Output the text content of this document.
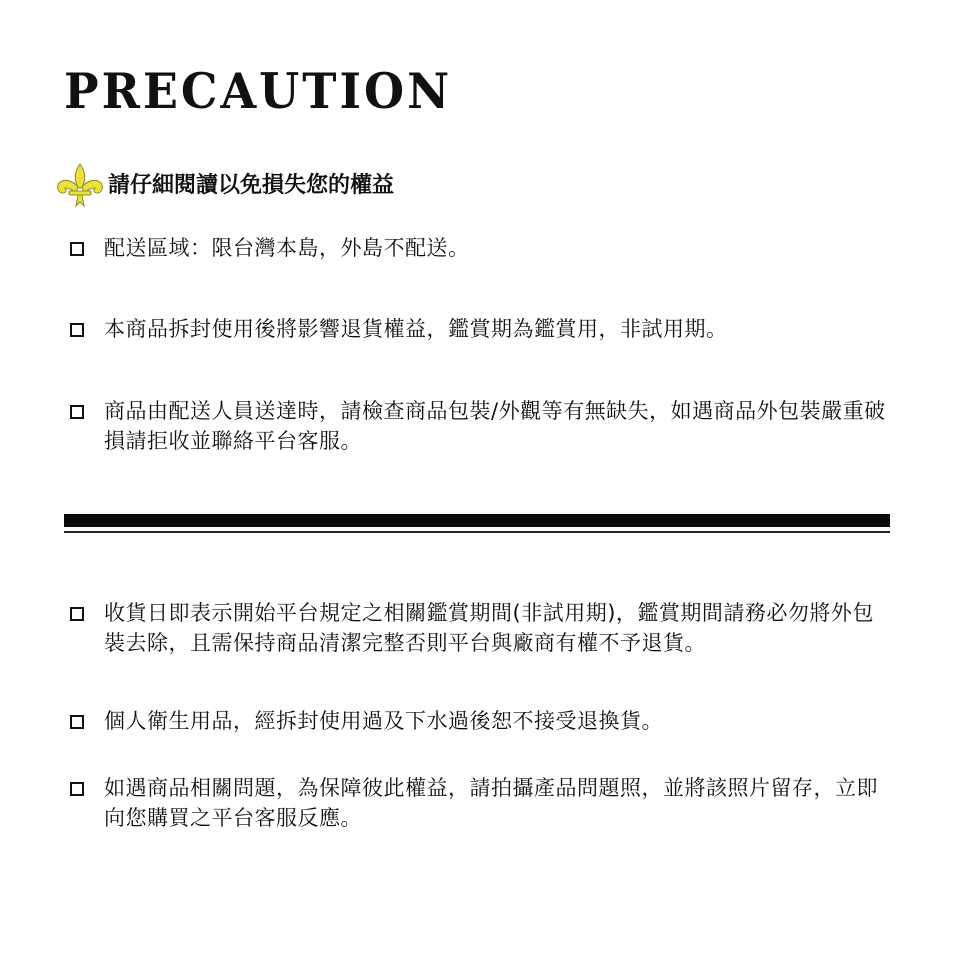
PRECAUTION
請仔細閱讀以免損失您的權益
配送區域：限台灣本島，外島不配送。
本商品拆封使用後將影響退貨權益，鑑賞期為鑑賞用，非試用期。
商品由配送人員送達時，請檢查商品包裝/外觀等有無缺失，如遇商品外包裝嚴重破損請拒收並聯絡平台客服。
收貨日即表示開始平台規定之相關鑑賞期間(非試用期)，鑑賞期間請務必勿將外包裝去除，且需保持商品清潔完整否則平台與廠商有權不予退貨。
個人衛生用品，經拆封使用過及下水過後恕不接受退換貨。
如遇商品相關問題，為保障彼此權益，請拍攝產品問題照，並將該照片留存，立即向您購買之平台客服反應。
